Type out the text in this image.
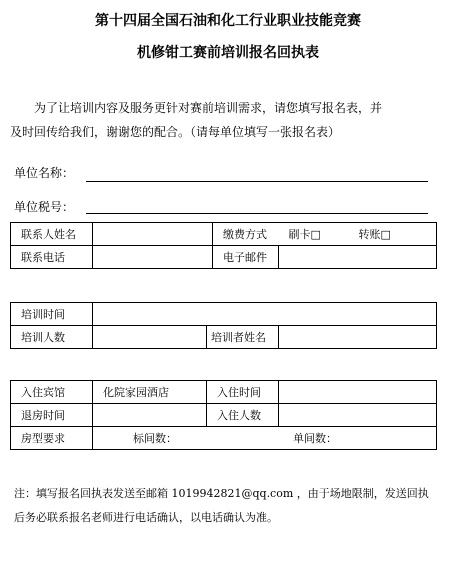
第十四届全国石油和化工行业职业技能竞赛
机修钳工赛前培训报名回执表
为了让培训内容及服务更针对赛前培训需求，请您填写报名表，并
及时回传给我们，谢谢您的配合。（请每单位填写一张报名表）
单位名称：
单位税号：
联系人姓名		缴费方式	刷卡□	转账□
联系电话		电子邮件		
培训时间			
培训人数		培训者姓名	
入住宾馆	化院家园酒店	入住时间	
退房时间		入住人数	
房型要求	标间数： 单间数：		
注：填写报名回执表发送至邮箱 1019942821@qq.com ，由于场地限制，发送回执
后务必联系报名老师进行电话确认，以电话确认为准。
